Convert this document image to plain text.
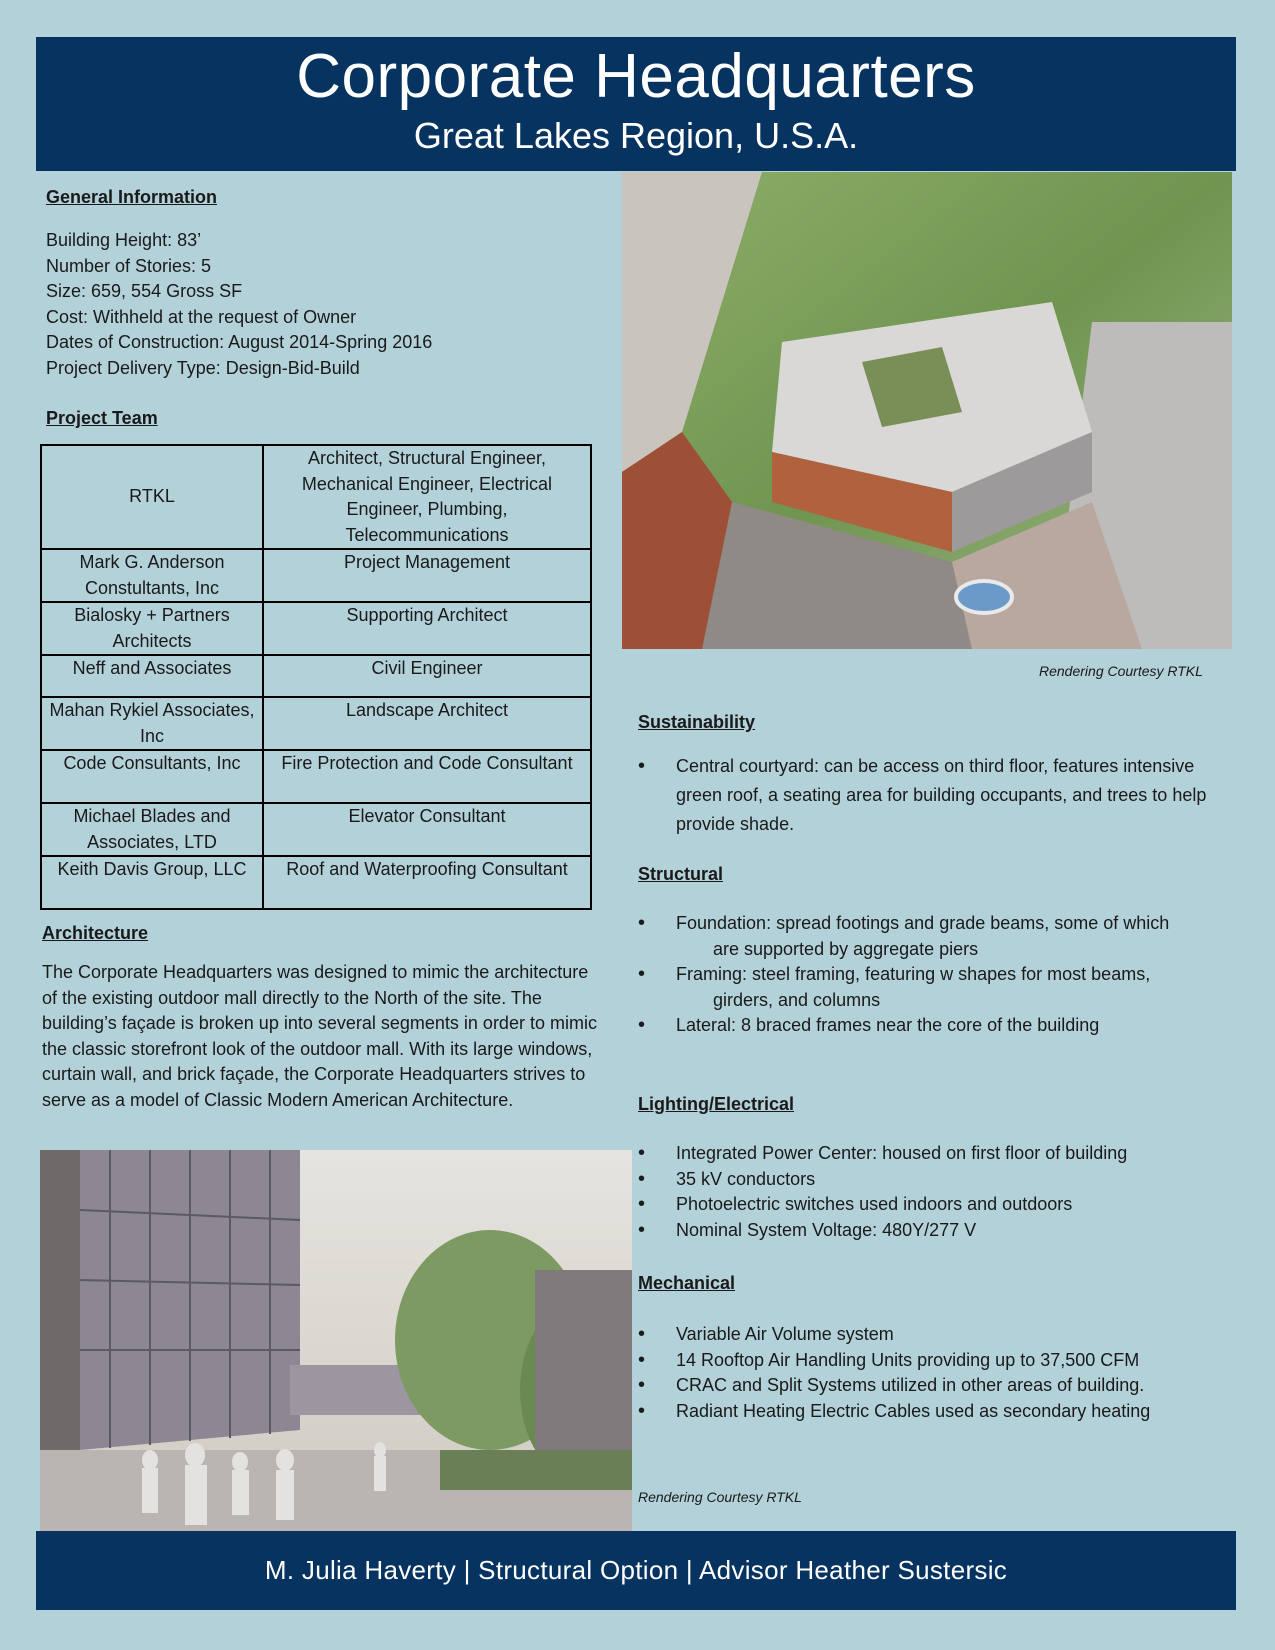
Corporate Headquarters
Great Lakes Region, U.S.A.
General Information
Building Height: 83’
Number of Stories: 5
Size: 659, 554 Gross SF
Cost: Withheld at the request of Owner
Dates of Construction: August 2014-Spring 2016
Project Delivery Type: Design-Bid-Build
Project Team
RTKL	Architect, Structural Engineer, Mechanical Engineer, Electrical Engineer, Plumbing, Telecommunications
Mark G. Anderson Constultants, Inc	Project Management
Bialosky + Partners Architects	Supporting Architect
Neff and Associates	Civil Engineer
Mahan Rykiel Associates, Inc	Landscape Architect
Code Consultants, Inc	Fire Protection and Code Consultant
Michael Blades and Associates, LTD	Elevator Consultant
Keith Davis Group, LLC	Roof and Waterproofing Consultant
Architecture
The Corporate Headquarters was designed to mimic the architecture of the existing outdoor mall directly to the North of the site. The building’s façade is broken up into several segments in order to mimic the classic storefront look of the outdoor mall. With its large windows, curtain wall, and brick façade, the Corporate Headquarters strives to serve as a model of Classic Modern American Architecture.
Rendering Courtesy RTKL
Sustainability
• Central courtyard: can be access on third floor, features intensive green roof, a seating area for building occupants, and trees to help provide shade.
Structural
• Foundation: spread footings and grade beams, some of which
are supported by aggregate piers
• Framing: steel framing, featuring w shapes for most beams,
girders, and columns
• Lateral: 8 braced frames near the core of the building
Lighting/Electrical
• Integrated Power Center: housed on first floor of building
• 35 kV conductors
• Photoelectric switches used indoors and outdoors
• Nominal System Voltage: 480Y/277 V
Mechanical
• Variable Air Volume system
• 14 Rooftop Air Handling Units providing up to 37,500 CFM
• CRAC and Split Systems utilized in other areas of building.
• Radiant Heating Electric Cables used as secondary heating
Rendering Courtesy RTKL
M. Julia Haverty | Structural Option | Advisor Heather Sustersic
